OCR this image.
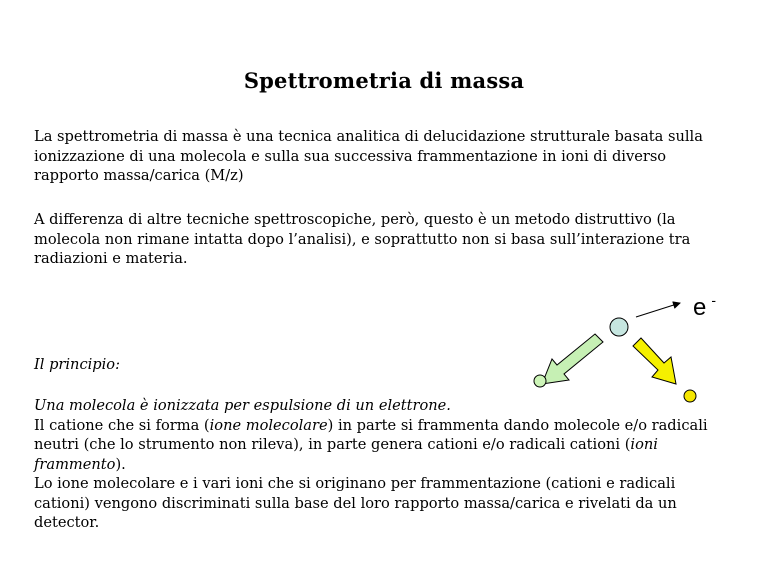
Spettrometria di massa
La spettrometria di massa è una tecnica analitica di delucidazione strutturale basata sulla ionizzazione di una molecola e sulla sua successiva frammentazione in ioni di diverso rapporto massa/carica (M/z)
A differenza di altre tecniche spettroscopiche, però, questo è un metodo distruttivo (la molecola non rimane intatta dopo l’analisi), e soprattutto non si basa sull’interazione tra radiazioni e materia.
Il principio:
Una molecola è ionizzata per espulsione di un elettrone.
Il catione che si forma (ione molecolare) in parte si frammenta dando molecole e/o radicali neutri (che lo strumento non rileva), in parte genera cationi e/o radicali cationi (ioni frammento).
Lo ione molecolare e i vari ioni che si originano per frammentazione (cationi e radicali cationi) vengono discriminati sulla base del loro rapporto massa/carica e rivelati da un detector.
e -
